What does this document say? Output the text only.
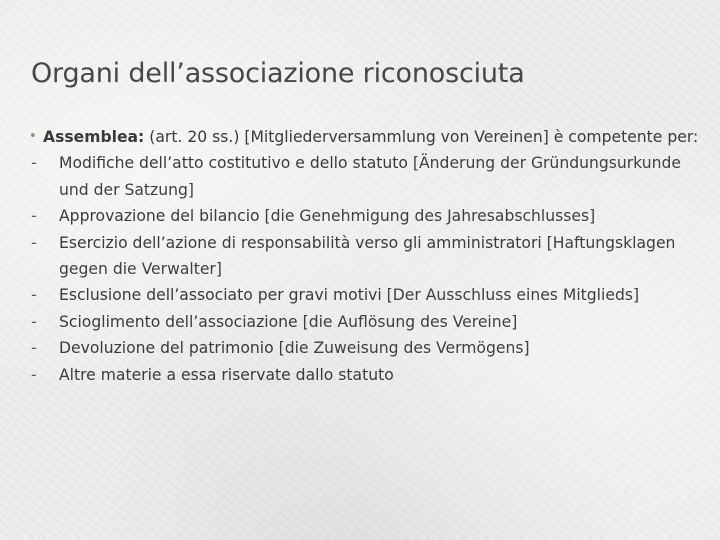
Organi dell’associazione riconosciuta
• Assemblea: (art. 20 ss.) [Mitgliederversammlung von Vereinen] è competente per:
-	Modifiche dell’atto costitutivo e dello statuto [Änderung der Gründungsurkunde und der Satzung]
-	Approvazione del bilancio [die Genehmigung des Jahresabschlusses]
-	Esercizio dell’azione di responsabilità verso gli amministratori [Haftungsklagen gegen die Verwalter]
-	Esclusione dell’associato per gravi motivi [Der Ausschluss eines Mitglieds]
-	Scioglimento dell’associazione [die Auflösung des Vereine]
-	Devoluzione del patrimonio [die Zuweisung des Vermögens]
-	Altre materie a essa riservate dallo statuto
